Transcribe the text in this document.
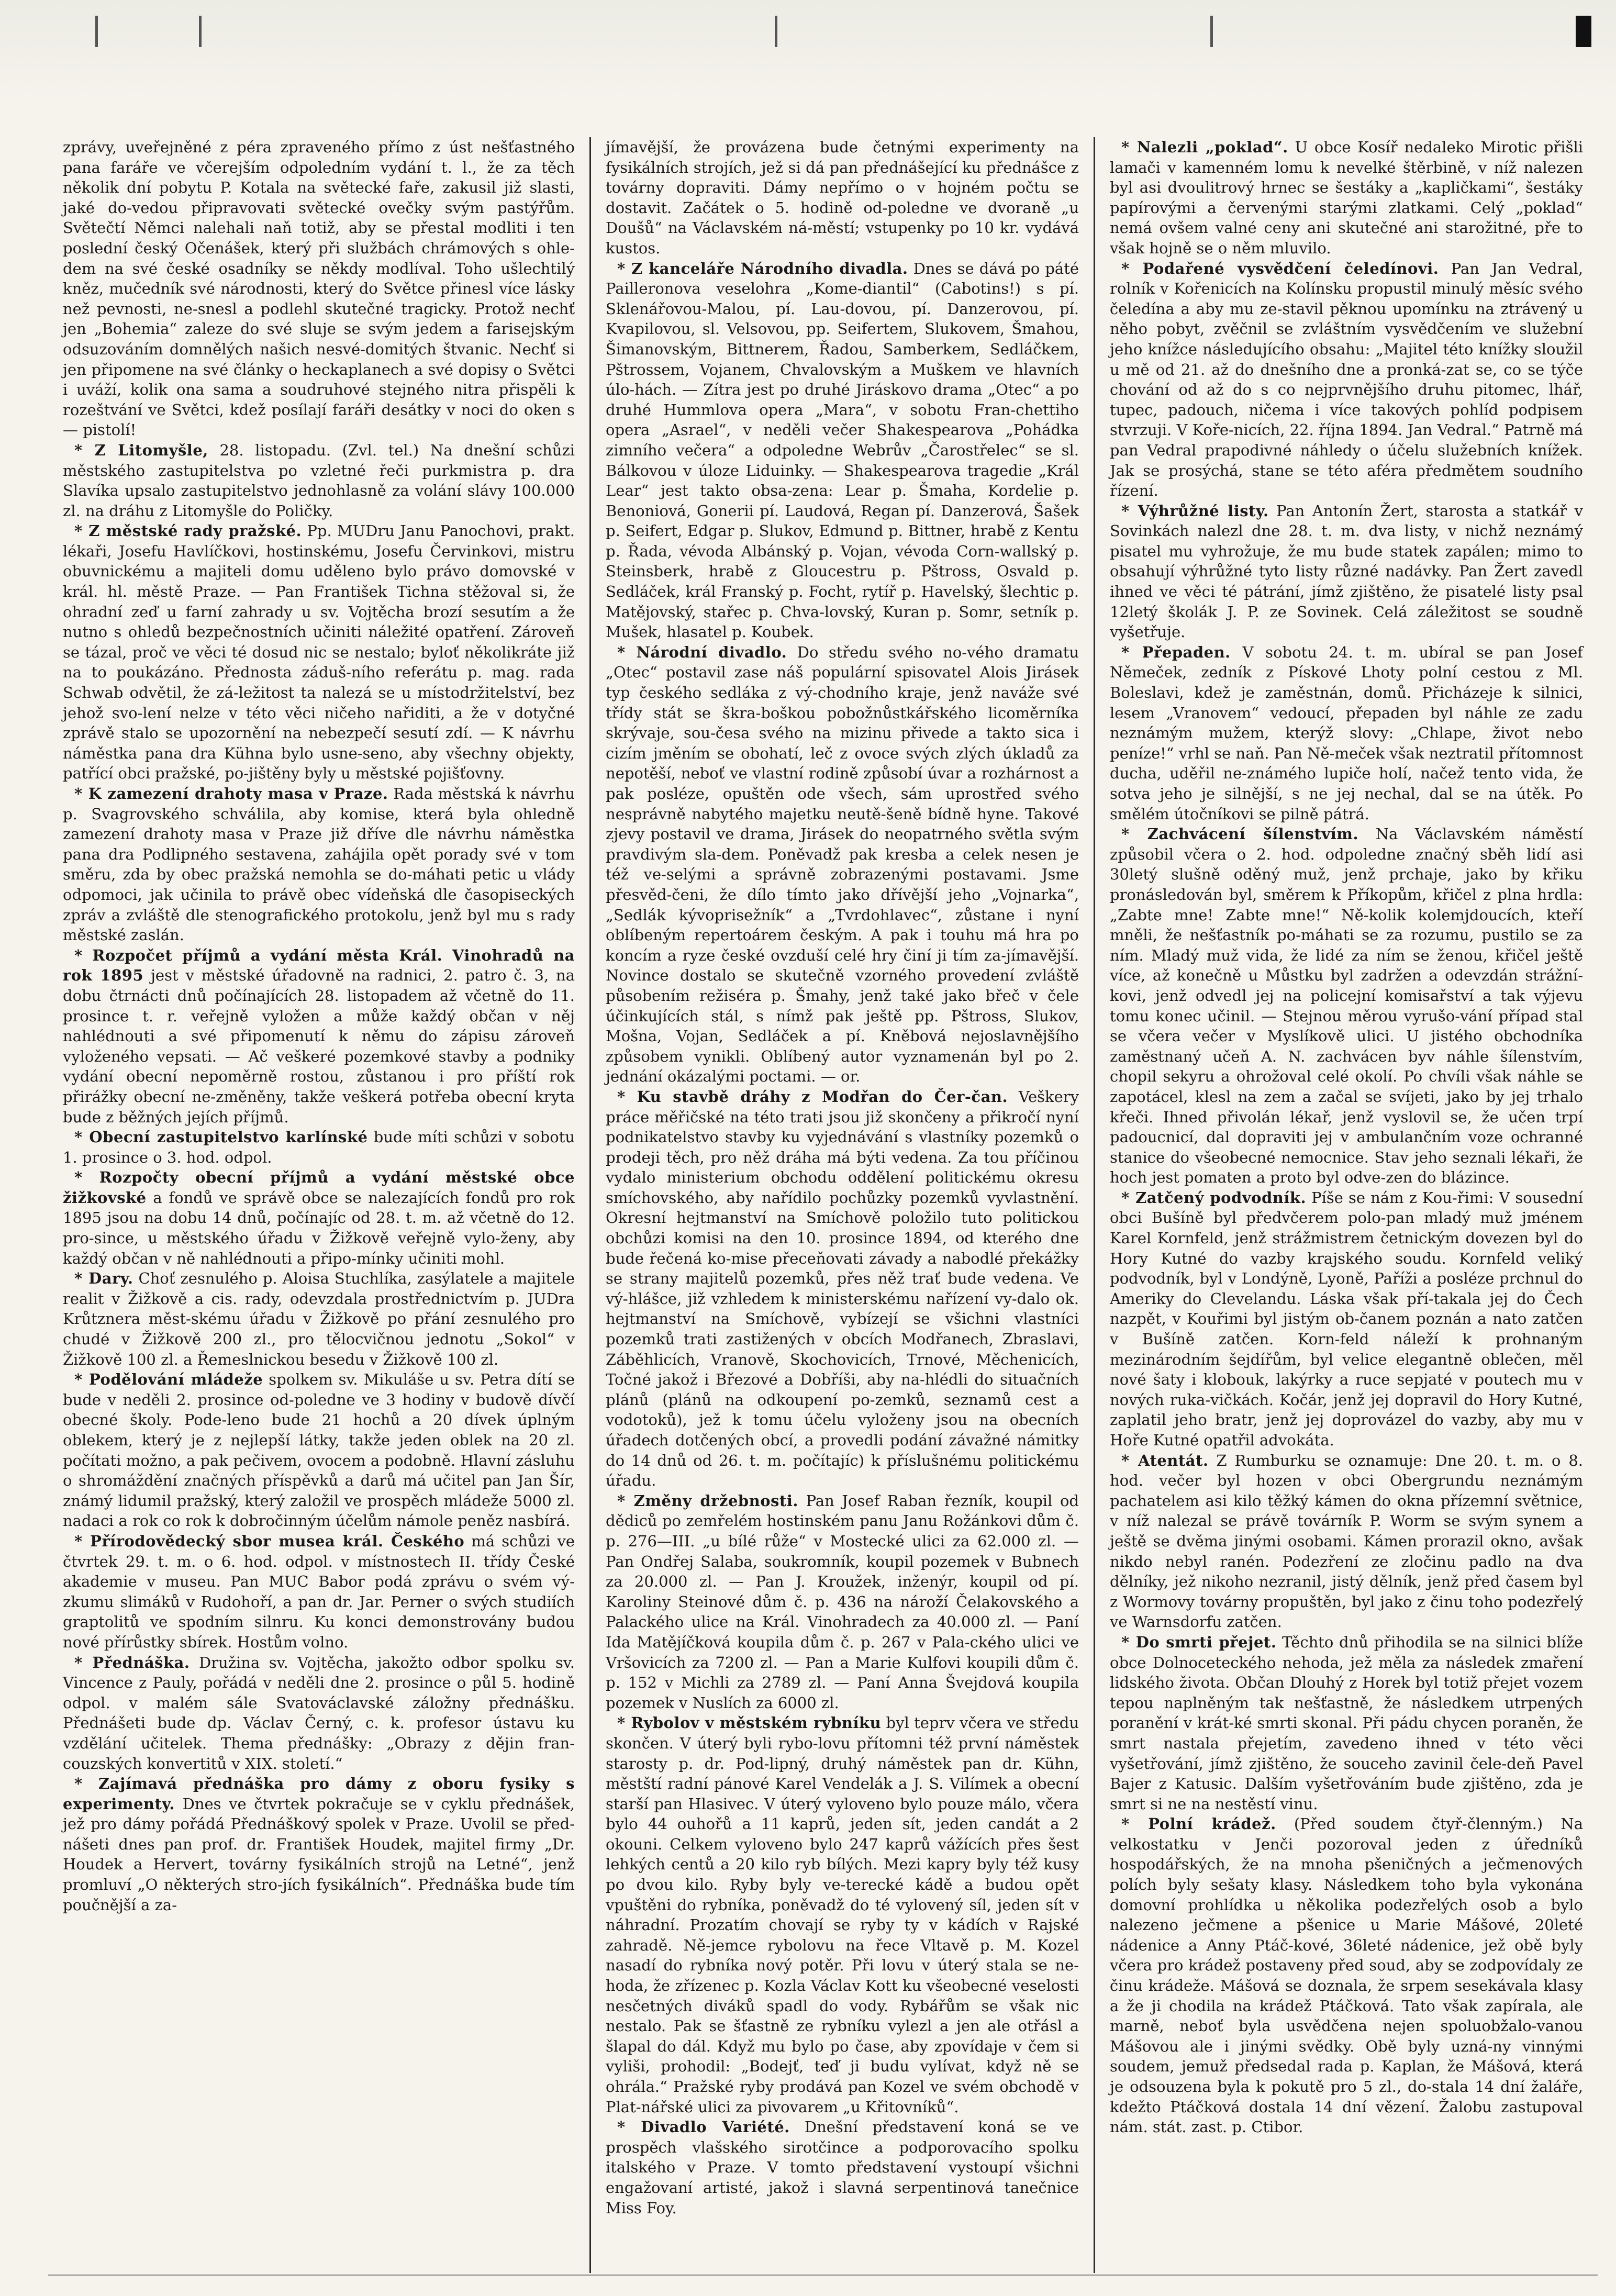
zprávy, uveřejněné z péra zpraveného přímo z úst nešťastného pana faráře ve včerejším odpoledním vydání t. l., že za těch několik dní pobytu P. Kotala na světecké faře, zakusil již slasti, jaké do-vedou připravovati světecké ovečky svým pastýřům. Světečtí Němci nalehali naň totiž, aby se přestal modliti i ten poslední český Očenášek, který při službách chrámových s ohle-dem na své české osadníky se někdy modlíval. Toho ušlechtilý kněz, mučedník své národnosti, který do Světce přinesl více lásky než pevnosti, ne-snesl a podlehl skutečné tragicky. Protož nechť jen „Bohemia“ zaleze do své sluje se svým jedem a farisejským odsuzováním domnělých našich nesvé-domitých štvanic. Nechť si jen připomene na své články o heckaplanech a své dopisy o Světci i uváží, kolik ona sama a soudruhové stejného nitra přispěli k rozeštvání ve Světci, kdež posílají faráři desátky v noci do oken s — pistolí!

* Z Litomyšle, 28. listopadu. (Zvl. tel.) Na dnešní schůzi městského zastupitelstva po vzletné řeči purkmistra p. dra Slavíka upsalo zastupitelstvo jednohlasně za volání slávy 100.000 zl. na dráhu z Litomyšle do Poličky.

* Z městské rady pražské. Pp. MUDru Janu Panochovi, prakt. lékaři, Josefu Havlíčkovi, hostinskému, Josefu Červinkovi, mistru obuvnickému a majiteli domu uděleno bylo právo domovské v král. hl. městě Praze. — Pan František Tichna stěžoval si, že ohradní zeď u farní zahrady u sv. Vojtěcha brozí sesutím a že nutno s ohledů bezpečnostních učiniti náležité opatření. Zároveň se tázal, proč ve věci té dosud nic se nestalo; byloť několikráte již na to poukázáno. Přednosta záduš-ního referátu p. mag. rada Schwab odvětil, že zá-ležitost ta nalezá se u místodržitelství, bez jehož svo-lení nelze v této věci ničeho nařiditi, a že v dotyčné zprávě stalo se upozornění na nebezpečí sesutí zdí. — K návrhu náměstka pana dra Kühna bylo usne-seno, aby všechny objekty, patřící obci pražské, po-jištěny byly u městské pojišťovny.

* K zamezení drahoty masa v Praze. Rada městská k návrhu p. Svagrovského schválila, aby komise, která byla ohledně zamezení drahoty masa v Praze již dříve dle návrhu náměstka pana dra Podlipného sestavena, zahájila opět porady své v tom směru, zda by obec pražská nemohla se do-máhati petic u vlády odpomoci, jak učinila to právě obec vídeňská dle časopiseckých zpráv a zvláště dle stenografického protokolu, jenž byl mu s rady městské zaslán.

* Rozpočet příjmů a vydání města Král. Vinohradů na rok 1895 jest v městské úřadovně na radnici, 2. patro č. 3, na dobu čtrnácti dnů počínajících 28. listopadem až včetně do 11. prosince t. r. veřejně vyložen a může každý občan v něj nahlédnouti a své připomenutí k němu do zápisu zároveň vyloženého vepsati. — Ač veškeré pozemkové stavby a podniky vydání obecní nepoměrně rostou, zůstanou i pro příští rok přirážky obecní ne-změněny, takže veškerá potřeba obecní kryta bude z běžných jejích příjmů.

* Obecní zastupitelstvo karlínské bude míti schůzi v sobotu 1. prosince o 3. hod. odpol.

* Rozpočty obecní příjmů a vydání městské obce žižkovské a fondů ve správě obce se nalezajících fondů pro rok 1895 jsou na dobu 14 dnů, počínajíc od 28. t. m. až včetně do 12. pro-since, u městského úřadu v Žižkově veřejně vylo-ženy, aby každý občan v ně nahlédnouti a připo-mínky učiniti mohl.

* Dary. Choť zesnulého p. Aloisa Stuchlíka, zasýlatele a majitele realit v Žižkově a cis. rady, odevzdala prostřednictvím p. JUDra Krůtznera měst-skému úřadu v Žižkově po přání zesnulého pro chudé v Žižkově 200 zl., pro tělocvičnou jednotu „Sokol“ v Žižkově 100 zl. a Řemeslnickou besedu v Žižkově 100 zl.

* Podělování mládeže spolkem sv. Mikuláše u sv. Petra dítí se bude v neděli 2. prosince od-poledne ve 3 hodiny v budově dívčí obecné školy. Pode-leno bude 21 hochů a 20 dívek úplným oblekem, který je z nejlepší látky, takže jeden oblek na 20 zl. počítati možno, a pak pečivem, ovocem a podobně. Hlavní zásluhu o shromáždění značných příspěvků a darů má učitel pan Jan Šír, známý lidumil pražský, který založil ve prospěch mládeže 5000 zl. nadaci a rok co rok k dobročinným účelům námole peněz nasbírá.

* Přírodovědecký sbor musea král. Českého má schůzi ve čtvrtek 29. t. m. o 6. hod. odpol. v místnostech II. třídy České akademie v museu. Pan MUC Babor podá zprávu o svém vý-zkumu slimáků v Rudohoří, a pan dr. Jar. Perner o svých studiích graptolitů ve spodním silnru. Ku konci demonstrovány budou nové přírůstky sbírek. Hostům volno.

* Přednáška. Družina sv. Vojtěcha, jakožto odbor spolku sv. Vincence z Pauly, pořádá v neděli dne 2. prosince o půl 5. hodině odpol. v malém sále Svatováclavské záložny přednášku. Přednášeti bude dp. Václav Černý, c. k. profesor ústavu ku vzdělání učitelek. Thema přednášky: „Obrazy z dějin fran-couzských konvertitů v XIX. století.“

* Zajímavá přednáška pro dámy z oboru fysiky s experimenty. Dnes ve čtvrtek pokračuje se v cyklu přednášek, jež pro dámy pořádá Přednáškový spolek v Praze. Uvolil se před-nášeti dnes pan prof. dr. František Houdek, majitel firmy „Dr. Houdek a Hervert, továrny fysikálních strojů na Letné“, jenž promluví „O některých stro-jích fysikálních“. Přednáška bude tím poučnější a za-

jímavější, že provázena bude četnými experimenty na fysikálních strojích, jež si dá pan přednášející ku přednášce z továrny dopraviti. Dámy nepřímo o v hojném počtu se dostavit. Začátek o 5. hodině od-poledne ve dvoraně „u Doušů“ na Václavském ná-městí; vstupenky po 10 kr. vydává kustos.

* Z kanceláře Národního divadla. Dnes se dává po páté Pailleronova veselohra „Kome-diantil“ (Cabotins!) s pí. Sklenářovou-Malou, pí. Lau-dovou, pí. Danzerovou, pí. Kvapilovou, sl. Velsovou, pp. Seifertem, Slukovem, Šmahou, Šimanovským, Bittnerem, Řadou, Samberkem, Sedláčkem, Pštrossem, Vojanem, Chvalovským a Muškem ve hlavních úlo-hách. — Zítra jest po druhé Jiráskovo drama „Otec“ a po druhé Hummlova opera „Mara“, v sobotu Fran-chettiho opera „Asrael“, v neděli večer Shakespearova „Pohádka zimního večera“ a odpoledne Webrův „Čarostřelec“ se sl. Bálkovou v úloze Liduinky. — Shakespearova tragedie „Král Lear“ jest takto obsa-zena: Lear p. Šmaha, Kordelie p. Benoniová, Gonerii pí. Laudová, Regan pí. Danzerová, Šašek p. Seifert, Edgar p. Slukov, Edmund p. Bittner, hrabě z Kentu p. Řada, vévoda Albánský p. Vojan, vévoda Corn-wallský p. Steinsberk, hrabě z Gloucestru p. Pštross, Osvald p. Sedláček, král Franský p. Focht, rytíř p. Havelský, šlechtic p. Matějovský, stařec p. Chva-lovský, Kuran p. Somr, setník p. Mušek, hlasatel p. Koubek.

* Národní divadlo. Do středu svého no-vého dramatu „Otec“ postavil zase náš populární spisovatel Alois Jirásek typ českého sedláka z vý-chodního kraje, jenž naváže své třídy stát se škra-boškou pobožnůstkářského licoměrníka skrývaje, sou-česa svého na mizinu přivede a takto sica i cizím jměním se obohatí, leč z ovoce svých zlých úkladů za nepotěší, neboť ve vlastní rodině způsobí úvar a rozhárnost a pak posléze, opuštěn ode všech, sám uprostřed svého nesprávně nabytého majetku neutě-šeně bídně hyne. Takové zjevy postavil ve drama, Jirásek do neopatrného světla svým pravdivým sla-dem. Poněvadž pak kresba a celek nesen je též ve-selými a správně zobrazenými postavami. Jsme přesvěd-čeni, že dílo tímto jako dřívější jeho „Vojnarka“, „Sedlák kývoprisežník“ a „Tvrdohlavec“, zůstane i nyní oblíbeným repertoárem českým. A pak i touhu má hra po koncím a ryze české ovzduší celé hry činí ji tím za-jímavější. Novince dostalo se skutečně vzorného provedení zvláště působením režiséra p. Šmahy, jenž také jako břeč v čele účinkujících stál, s nímž pak ještě pp. Pštross, Slukov, Mošna, Vojan, Sedláček a pí. Kněbová nejoslavnějšího způsobem vynikli. Oblíbený autor vyznamenán byl po 2. jednání okázalými poctami. — or.

* Ku stavbě dráhy z Modřan do Čer-čan. Veškery práce měřičské na této trati jsou již skončeny a přikročí nyní podnikatelstvo stavby ku vyjednávání s vlastníky pozemků o prodeji těch, pro něž dráha má býti vedena. Za tou příčinou vydalo ministerium obchodu oddělení politickému okresu smíchovského, aby nařídilo pochůzky pozemků vyvlastnění. Okresní hejtmanství na Smíchově položilo tuto politickou obchůzi komisi na den 10. prosince 1894, od kterého dne bude řečená ko-mise přeceňovati závady a nabodlé překážky se strany majitelů pozemků, přes něž trať bude vedena. Ve vý-hlášce, již vzhledem k ministerskému nařízení vy-dalo ok. hejtmanství na Smíchově, vybízejí se všichni vlastníci pozemků trati zastižených v obcích Modřanech, Zbraslavi, Záběhlicích, Vranově, Skochovicích, Trnové, Měchenicích, Točné jakož i Březové a Dobříši, aby na-hlédli do situačních plánů (plánů na odkoupení po-zemků, seznamů cest a vodotoků), jež k tomu účelu vyloženy jsou na obecních úřadech dotčených obcí, a provedli podání závažné námitky do 14 dnů od 26. t. m. počítajíc) k příslušnému politickému úřadu.

* Změny držebnosti. Pan Josef Raban řezník, koupil od dědiců po zemřelém hostinském panu Janu Rožánkovi dům č. p. 276—III. „u bílé růže“ v Mostecké ulici za 62.000 zl. — Pan Ondřej Salaba, soukromník, koupil pozemek v Bubnech za 20.000 zl. — Pan J. Kroužek, inženýr, koupil od pí. Karoliny Steinové dům č. p. 436 na nároží Čelakovského a Palackého ulice na Král. Vinohradech za 40.000 zl. — Paní Ida Matějíčková koupila dům č. p. 267 v Pala-ckého ulici ve Vršovicích za 7200 zl. — Pan a Marie Kulfovi koupili dům č. p. 152 v Michli za 2789 zl. — Paní Anna Švejdová koupila pozemek v Nuslích za 6000 zl.

* Rybolov v městském rybníku byl teprv včera ve středu skončen. V úterý byli rybo-lovu přítomni též první náměstek starosty p. dr. Pod-lipný, druhý náměstek pan dr. Kühn, městští radní pánové Karel Vendelák a J. S. Vilímek a obecní starší pan Hlasivec. V úterý vyloveno bylo pouze málo, včera bylo 44 ouhořů a 11 kaprů, jeden sít, jeden candát a 2 okouni. Celkem vyloveno bylo 247 kaprů vážících přes šest lehkých centů a 20 kilo ryb bílých. Mezi kapry byly též kusy po dvou kilo. Ryby byly ve-terecké kádě a budou opět vpuštěni do rybníka, poněvadž do té vylovený síl, jeden sít v náhradní. Prozatím chovají se ryby ty v kádích v Rajské zahradě. Ně-jemce rybolovu na řece Vltavě p. M. Kozel nasadí do rybníka nový potěr. Při lovu v úterý stala se ne-hoda, že zřízenec p. Kozla Václav Kott ku všeobecné veselosti nesčetných diváků spadl do vody. Rybářům se však nic nestalo. Pak se šťastně ze rybníku vylezl a jen ale otřásl a šlapal do dál. Když mu bylo po čase, aby zpovídaje v čem si vyliši, prohodil: „Bodejť, teď ji budu vylívat, když ně se ohrála.“ Pražské ryby prodává pan Kozel ve svém obchodě v Plat-nářské ulici za pivovarem „u Křitovníků“.

* Divadlo Variété. Dnešní představení koná se ve prospěch vlašského sirotčince a podporovacího spolku italského v Praze. V tomto představení vystoupí všichni engažovaní artisté, jakož i slavná serpentinová tanečnice Miss Foy.

* Nalezli „poklad“. U obce Kosíř nedaleko Mirotic přišli lamači v kamenném lomu k nevelké štěrbině, v níž nalezen byl asi dvoulitrový hrnec se šestáky a „kapličkami“, šestáky papírovými a červenými starými zlatkami. Celý „poklad“ nemá ovšem valné ceny ani skutečné ani starožitné, pře to však hojně se o něm mluvilo.

* Podařené vysvědčení čeledínovi. Pan Jan Vedral, rolník v Kořenicích na Kolínsku propustil minulý měsíc svého čeledína a aby mu ze-stavil pěknou upomínku na ztrávený u něho pobyt, zvěčnil se zvláštním vysvědčením ve služební jeho knížce následujícího obsahu: „Majitel této knížky sloužil u mě od 21. až do dnešního dne a pronká-zat se, co se týče chování od až do s co nejprvnějšího druhu pitomec, lhář, tupec, padouch, ničema i více takových pohlíd podpisem stvrzuji. V Koře-nicích, 22. října 1894. Jan Vedral.“ Patrně má pan Vedral prapodivné náhledy o účelu služebních knížek. Jak se prosýchá, stane se této aféra předmětem soudního řízení.

* Výhrůžné listy. Pan Antonín Žert, starosta a statkář v Sovinkách nalezl dne 28. t. m. dva listy, v nichž neznámý pisatel mu vyhrožuje, že mu bude statek zapálen; mimo to obsahují výhrůžné tyto listy různé nadávky. Pan Žert zavedl ihned ve věci té pátrání, jímž zjištěno, že pisatelé listy psal 12letý školák J. P. ze Sovinek. Celá záležitost se soudně vyšetřuje.

* Přepaden. V sobotu 24. t. m. ubíral se pan Josef Němeček, zedník z Pískové Lhoty polní cestou z Ml. Boleslavi, kdež je zaměstnán, domů. Přicházeje k silnici, lesem „Vranovem“ vedoucí, přepaden byl náhle ze zadu neznámým mužem, kterýž slovy: „Chlape, život nebo peníze!“ vrhl se naň. Pan Ně-meček však neztratil přítomnost ducha, uděřil ne-známého lupiče holí, načež tento vida, že sotva jeho je silnější, s ne jej nechal, dal se na útěk. Po smělém útočníkovi se pilně pátrá.

* Zachvácení šílenstvím. Na Václavském náměstí způsobil včera o 2. hod. odpoledne značný sběh lidí asi 30letý slušně oděný muž, jenž prchaje, jako by křiku pronásledován byl, směrem k Příkopům, křičel z plna hrdla: „Zabte mne! Zabte mne!“ Ně-kolik kolemjdoucích, kteří mněli, že nešťastník po-máhati se za rozumu, pustilo se za ním. Mladý muž vida, že lidé za ním se ženou, křičel ještě více, až konečně u Můstku byl zadržen a odevzdán strážní-kovi, jenž odvedl jej na policejní komisařství a tak výjevu tomu konec učinil. — Stejnou měrou vyrušo-vání případ stal se včera večer v Myslíkově ulici. U jistého obchodníka zaměstnaný učeň A. N. zachvácen byv náhle šílenstvím, chopil sekyru a ohrožoval celé okolí. Po chvíli však náhle se zapotácel, klesl na zem a začal se svíjeti, jako by jej trhalo křeči. Ihned přivolán lékař, jenž vyslovil se, že učen trpí padoucnicí, dal dopraviti jej v ambulančním voze ochranné stanice do všeobecné nemocnice. Stav jeho seznali lékaři, že hoch jest pomaten a proto byl odve-zen do blázince.

* Zatčený podvodník. Píše se nám z Kou-řimi: V sousední obci Bušíně byl předvčerem polo-pan mladý muž jménem Karel Kornfeld, jenž strážmistrem četnickým dovezen byl do Hory Kutné do vazby krajského soudu. Kornfeld veliký podvodník, byl v Londýně, Lyoně, Paříži a posléze prchnul do Ameriky do Clevelandu. Láska však pří-takala jej do Čech nazpět, v Kouřimi byl jistým ob-čanem poznán a nato zatčen v Bušíně zatčen. Korn-feld náleží k prohnaným mezinárodním šejdířům, byl velice elegantně oblečen, měl nové šaty i klobouk, lakýrky a ruce sepjaté v poutech mu v nových ruka-vičkách. Kočár, jenž jej dopravil do Hory Kutné, zaplatil jeho bratr, jenž jej doprovázel do vazby, aby mu v Hoře Kutné opatřil advokáta.

* Atentát. Z Rumburku se oznamuje: Dne 20. t. m. o 8. hod. večer byl hozen v obci Obergrundu neznámým pachatelem asi kilo těžký kámen do okna přízemní světnice, v níž nalezal se právě továrník P. Worm se svým synem a ještě se dvěma jinými osobami. Kámen prorazil okno, avšak nikdo nebyl ranén. Podezření ze zločinu padlo na dva dělníky, jež nikoho nezranil, jistý dělník, jenž před časem byl z Wormovy továrny propuštěn, byl jako z činu toho podezřelý ve Warnsdorfu zatčen.

* Do smrti přejet. Těchto dnů přihodila se na silnici blíže obce Dolnoceteckého nehoda, jež měla za následek zmaření lidského života. Občan Dlouhý z Horek byl totiž přejet vozem tepou naplněným tak nešťastně, že následkem utrpených poranění v krát-ké smrti skonal. Při pádu chycen poraněn, že smrt nastala přejetím, zavedeno ihned v této věci vyšetřování, jímž zjištěno, že souceho zavinil čele-deň Pavel Bajer z Katusic. Dalším vyšetřováním bude zjištěno, zda je smrt si ne na nestěstí vinu.

* Polní krádež. (Před soudem čtyř-členným.) Na velkostatku v Jenči pozoroval jeden z úředníků hospodářských, že na mnoha pšeničných a ječmenových polích byly sešaty klasy. Následkem toho byla vykonána domovní prohlídka u několika podezřelých osob a bylo nalezeno ječmene a pšenice u Marie Mášové, 20leté nádenice a Anny Ptáč-kové, 36leté nádenice, jež obě byly včera pro krádež postaveny před soud, aby se zodpovídaly ze činu krádeže. Mášová se doznala, že srpem sesekávala klasy a že ji chodila na krádež Ptáčková. Tato však zapírala, ale marně, neboť byla usvědčena nejen spoluobžalo-vanou Mášovou ale i jinými svědky. Obě byly uzná-ny vinnými soudem, jemuž předsedal rada p. Kaplan, že Mášová, která je odsouzena byla k pokutě pro 5 zl., do-stala 14 dní žaláře, kdežto Ptáčková dostala 14 dní vězení. Žalobu zastupoval nám. stát. zast. p. Ctibor.
